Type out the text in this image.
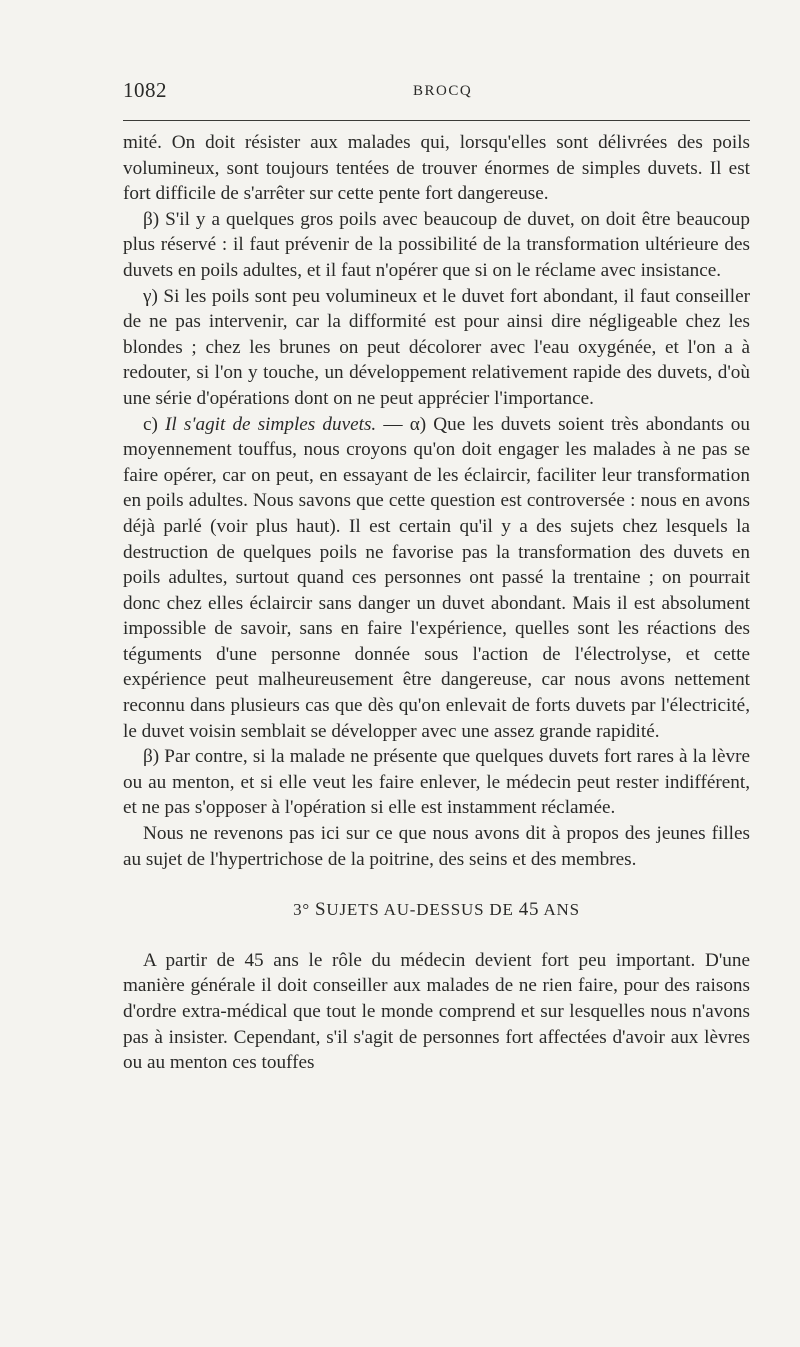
1082	BROCQ

mité. On doit résister aux malades qui, lorsqu'elles sont délivrées des poils volumineux, sont toujours tentées de trouver énormes de simples duvets. Il est fort difficile de s'arrêter sur cette pente fort dangereuse.

β) S'il y a quelques gros poils avec beaucoup de duvet, on doit être beaucoup plus réservé : il faut prévenir de la possibilité de la transformation ultérieure des duvets en poils adultes, et il faut n'opérer que si on le réclame avec insistance.

γ) Si les poils sont peu volumineux et le duvet fort abondant, il faut conseiller de ne pas intervenir, car la difformité est pour ainsi dire négligeable chez les blondes ; chez les brunes on peut décolorer avec l'eau oxygénée, et l'on a à redouter, si l'on y touche, un développement relativement rapide des duvets, d'où une série d'opérations dont on ne peut apprécier l'importance.

c) Il s'agit de simples duvets. — α) Que les duvets soient très abondants ou moyennement touffus, nous croyons qu'on doit engager les malades à ne pas se faire opérer, car on peut, en essayant de les éclaircir, faciliter leur transformation en poils adultes. Nous savons que cette question est controversée : nous en avons déjà parlé (voir plus haut). Il est certain qu'il y a des sujets chez lesquels la destruction de quelques poils ne favorise pas la transformation des duvets en poils adultes, surtout quand ces personnes ont passé la trentaine ; on pourrait donc chez elles éclaircir sans danger un duvet abondant. Mais il est absolument impossible de savoir, sans en faire l'expérience, quelles sont les réactions des téguments d'une personne donnée sous l'action de l'électrolyse, et cette expérience peut malheureusement être dangereuse, car nous avons nettement reconnu dans plusieurs cas que dès qu'on enlevait de forts duvets par l'électricité, le duvet voisin semblait se développer avec une assez grande rapidité.

β) Par contre, si la malade ne présente que quelques duvets fort rares à la lèvre ou au menton, et si elle veut les faire enlever, le médecin peut rester indifférent, et ne pas s'opposer à l'opération si elle est instamment réclamée.

Nous ne revenons pas ici sur ce que nous avons dit à propos des jeunes filles au sujet de l'hypertrichose de la poitrine, des seins et des membres.

3° SUJETS AU-DESSUS DE 45 ANS

A partir de 45 ans le rôle du médecin devient fort peu important. D'une manière générale il doit conseiller aux malades de ne rien faire, pour des raisons d'ordre extra-médical que tout le monde comprend et sur lesquelles nous n'avons pas à insister. Cependant, s'il s'agit de personnes fort affectées d'avoir aux lèvres ou au menton ces touffes
